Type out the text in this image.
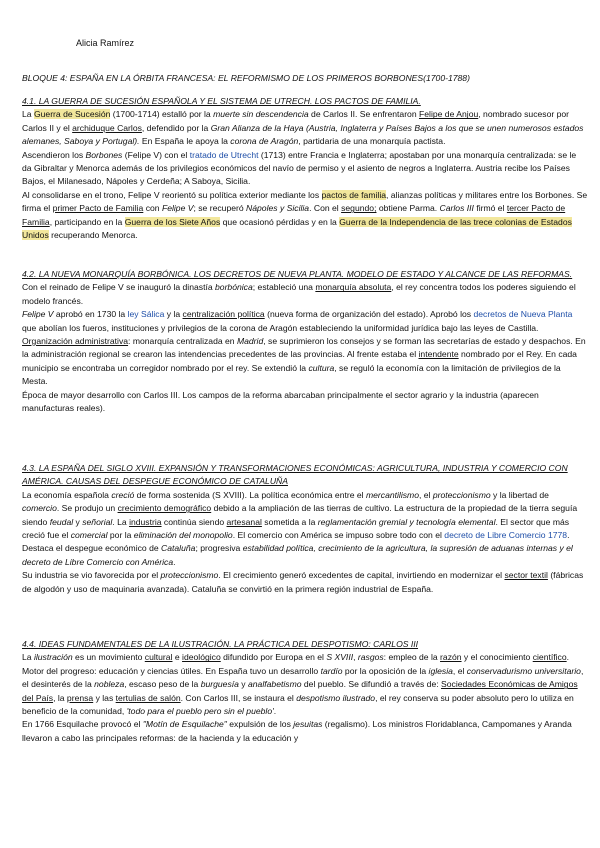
Alicia Ramírez
BLOQUE 4: ESPAÑA EN LA ÓRBITA FRANCESA: EL REFORMISMO DE LOS PRIMEROS BORBONES(1700-1788)
4.1. LA GUERRA DE SUCESIÓN ESPAÑOLA Y EL SISTEMA DE UTRECH. LOS PACTOS DE FAMILIA.

La Guerra de Sucesión (1700-1714) estalló por la muerte sin descendencia de Carlos II. Se enfrentaron Felipe de Anjou, nombrado sucesor por Carlos II y el archiduque Carlos, defendido por la Gran Alianza de la Haya (Austria, Inglaterra y Países Bajos a los que se unen numerosos estados alemanes, Saboya y Portugal). En España le apoya la corona de Aragón, partidaria de una monarquía pactista.

Ascendieron los Borbones (Felipe V) con el tratado de Utrecht (1713) entre Francia e Inglaterra; apostaban por una monarquía centralizada: se le da Gibraltar y Menorca además de los privilegios económicos del navío de permiso y el asiento de negros a Inglaterra. Austria recibe los Países Bajos, el Milanesado, Nápoles y Cerdeña; A Saboya, Sicilia.

Al consolidarse en el trono, Felipe V reorientó su política exterior mediante los pactos de familia, alianzas políticas y militares entre los Borbones. Se firma el primer Pacto de Familia con Felipe V; se recuperó Nápoles y Sicilia. Con el segundo; obtiene Parma. Carlos III firmó el tercer Pacto de Familia, participando en la Guerra de los Siete Años que ocasionó pérdidas y en la Guerra de la Independencia de las trece colonias de Estados Unidos recuperando Menorca.

4.2. LA NUEVA MONARQUÍA BORBÓNICA. LOS DECRETOS DE NUEVA PLANTA. MODELO DE ESTADO Y ALCANCE DE LAS REFORMAS.

Con el reinado de Felipe V se inauguró la dinastía borbónica; estableció una monarquía absoluta, el rey concentra todos los poderes siguiendo el modelo francés.

Felipe V aprobó en 1730 la ley Sálica y la centralización política (nueva forma de organización del estado). Aprobó los decretos de Nueva Planta que abolían los fueros, instituciones y privilegios de la corona de Aragón estableciendo la uniformidad jurídica bajo las leyes de Castilla.

Organización administrativa: monarquía centralizada en Madrid, se suprimieron los consejos y se forman las secretarías de estado y despachos. En la administración regional se crearon las intendencias precedentes de las provincias. Al frente estaba el intendente nombrado por el Rey. En cada municipio se encontraba un corregidor nombrado por el rey. Se extendió la cultura, se reguló la economía con la limitación de privilegios de la Mesta.

Época de mayor desarrollo con Carlos III. Los campos de la reforma abarcaban principalmente el sector agrario y la industria (aparecen manufacturas reales).

4.3. LA ESPAÑA DEL SIGLO XVIII. EXPANSIÓN Y TRANSFORMACIONES ECONÓMICAS: AGRICULTURA, INDUSTRIA Y COMERCIO CON AMÉRICA. CAUSAS DEL DESPEGUE ECONÓMICO DE CATALUÑA

La economía española creció de forma sostenida (S XVIII). La política económica entre el mercantilismo, el proteccionismo y la libertad de comercio. Se produjo un crecimiento demográfico debido a la ampliación de las tierras de cultivo. La estructura de la propiedad de la tierra seguía siendo feudal y señorial. La industria continúa siendo artesanal sometida a la reglamentación gremial y tecnología elemental. El sector que más creció fue el comercial por la eliminación del monopolio. El comercio con América se impuso sobre todo con el decreto de Libre Comercio 1778.

Destaca el despegue económico de Cataluña; progresiva estabilidad política, crecimiento de la agricultura, la supresión de aduanas internas y el decreto de Libre Comercio con América.

Su industria se vio favorecida por el proteccionismo. El crecimiento generó excedentes de capital, invirtiendo en modernizar el sector textil (fábricas de algodón y uso de maquinaria avanzada). Cataluña se convirtió en la primera región industrial de España.

4.4. IDEAS FUNDAMENTALES DE LA ILUSTRACIÓN. LA PRÁCTICA DEL DESPOTISMO: CARLOS III

La ilustración es un movimiento cultural e ideológico difundido por Europa en el S XVIII, rasgos: empleo de la razón y el conocimiento científico. Motor del progreso: educación y ciencias útiles. En España tuvo un desarrollo tardío por la oposición de la iglesia, el conservadurismo universitario, el desinterés de la nobleza, escaso peso de la burguesía y analfabetismo del pueblo. Se difundió a través de: Sociedades Económicas de Amigos del País, la prensa y las tertulias de salón. Con Carlos III, se instaura el despotismo ilustrado, el rey conserva su poder absoluto pero lo utiliza en beneficio de la comunidad, 'todo para el pueblo pero sin el pueblo'.

En 1766 Esquilache provocó el "Motín de Esquilache" expulsión de los jesuitas (regalismo). Los ministros Floridablanca, Campomanes y Aranda llevaron a cabo las principales reformas: de la hacienda y la educación y
